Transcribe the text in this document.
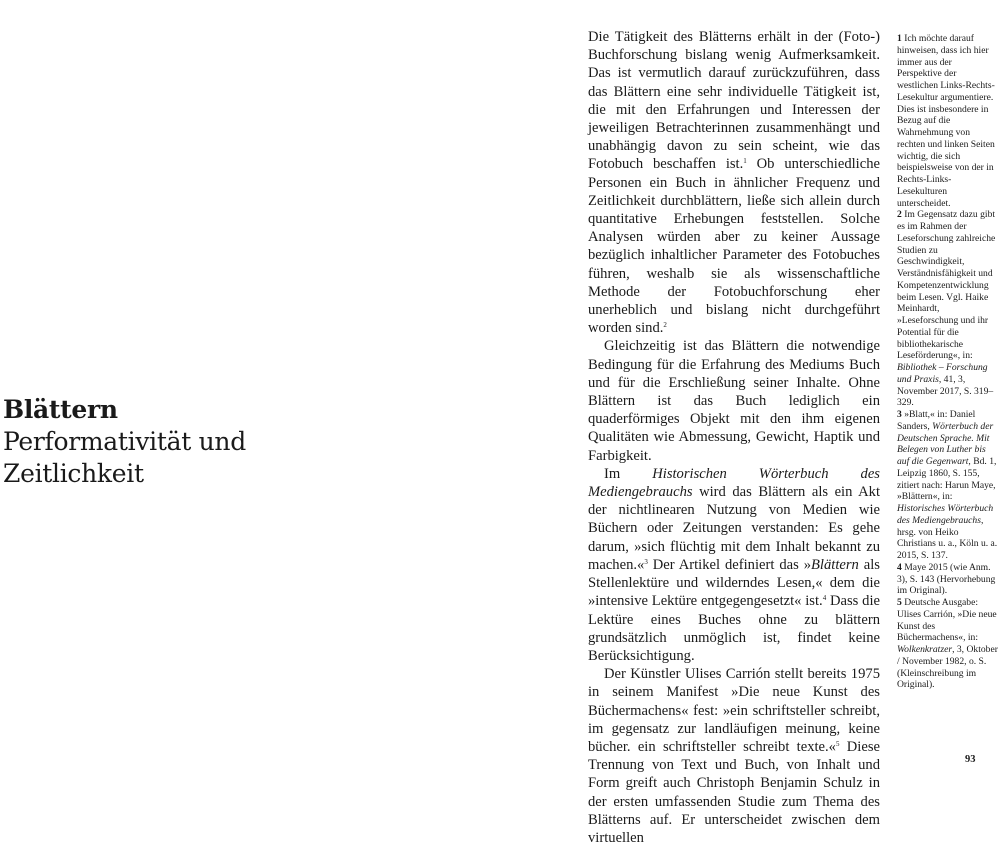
Blättern
Performativität und
Zeitlichkeit

Die Tätigkeit des Blätterns erhält in der (Foto-) Buchforschung bislang wenig Aufmerksamkeit. Das ist vermutlich darauf zurückzuführen, dass das Blättern eine sehr individuelle Tätigkeit ist, die mit den Erfahrungen und Interessen der jeweiligen Betrachterinnen zusammenhängt und unabhängig davon zu sein scheint, wie das Fotobuch beschaffen ist.$^1$ Ob unterschiedliche Personen ein Buch in ähnlicher Frequenz und Zeitlichkeit durchblättern, ließe sich allein durch quantitative Erhebungen feststellen. Solche Analysen würden aber zu keiner Aussage bezüglich inhaltlicher Parameter des Fotobuches führen, weshalb sie als wissenschaftliche Methode der Fotobuchforschung eher unerheblich und bislang nicht durchgeführt worden sind.$^2$

Gleichzeitig ist das Blättern die notwendige Bedingung für die Erfahrung des Mediums Buch und für die Erschließung seiner Inhalte. Ohne Blättern ist das Buch lediglich ein quaderförmiges Objekt mit den ihm eigenen Qualitäten wie Abmessung, Gewicht, Haptik und Farbigkeit.

Im Historischen Wörterbuch des Mediengebrauchs wird das Blättern als ein Akt der nichtlinearen Nutzung von Medien wie Büchern oder Zeitungen verstanden: Es gehe darum, »sich flüchtig mit dem Inhalt bekannt zu machen.«$^3$ Der Artikel definiert das »Blättern als Stellenlektüre und wilderndes Lesen,« dem die »intensive Lektüre entgegengesetzt« ist.$^4$ Dass die Lektüre eines Buches ohne zu blättern grundsätzlich unmöglich ist, findet keine Berücksichtigung.

Der Künstler Ulises Carrión stellt bereits 1975 in seinem Manifest »Die neue Kunst des Büchermachens« fest: »ein schriftsteller schreibt, im gegensatz zur landläufigen meinung, keine bücher. ein schriftsteller schreibt texte.«$^5$ Diese Trennung von Text und Buch, von Inhalt und Form greift auch Christoph Benjamin Schulz in der ersten umfassenden Studie zum Thema des Blätterns auf. Er unterscheidet zwischen dem virtuellen

1 Ich möchte darauf hinweisen, dass ich hier immer aus der Perspektive der westlichen Links-Rechts-Lesekultur argumentiere. Dies ist insbesondere in Bezug auf die Wahrnehmung von rechten und linken Seiten wichtig, die sich beispielsweise von der in Rechts-Links-Lesekulturen unterscheidet.

2 Im Gegensatz dazu gibt es im Rahmen der Leseforschung zahlreiche Studien zu Geschwindigkeit, Verständnisfähigkeit und Kompetenzentwicklung beim Lesen. Vgl. Haike Meinhardt, »Leseforschung und ihr Potential für die bibliothekarische Leseförderung«, in: Bibliothek – Forschung und Praxis, 41, 3, November 2017, S. 319–329.

3 »Blatt,« in: Daniel Sanders, Wörterbuch der Deutschen Sprache. Mit Belegen von Luther bis auf die Gegenwart, Bd. 1, Leipzig 1860, S. 155, zitiert nach: Harun Maye, »Blättern«, in: Historisches Wörterbuch des Mediengebrauchs, hrsg. von Heiko Christians u. a., Köln u. a. 2015, S. 137.

4 Maye 2015 (wie Anm. 3), S. 143 (Hervorhebung im Original).

5 Deutsche Ausgabe: Ulises Carrión, »Die neue Kunst des Büchermachens«, in: Wolkenkratzer, 3, Oktober / November 1982, o. S. (Kleinschreibung im Original).

93
